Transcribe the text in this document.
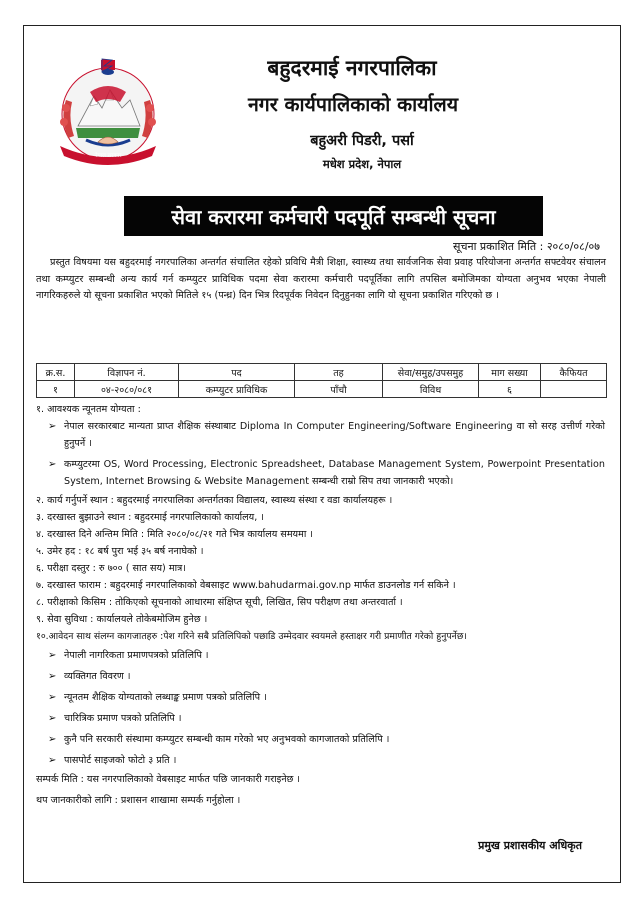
नेपाल सरकार
बहुदरमाई नगरपालिका
नगर कार्यपालिकाको कार्यालय
बहुअरी पिडरी, पर्सा
मधेश प्रदेश, नेपाल
सेवा करारमा कर्मचारी पदपूर्ति सम्बन्धी सूचना
सूचना प्रकाशित मिति : २०८०/०८/०७
प्रस्तुत विषयमा यस बहुदरमाई नगरपालिका अन्तर्गत संचालित रहेको प्रविधि मैत्री शिक्षा, स्वास्थ्य तथा सार्वजनिक सेवा प्रवाह परियोजना अन्तर्गत सफ्टवेयर संचालन तथा कम्प्युटर सम्बन्धी अन्य कार्य गर्न कम्प्युटर प्राविधिक पदमा सेवा करारमा कर्मचारी पदपूर्तिका लागि तपसिल बमोजिमका योग्यता अनुभव भएका नेपाली नागरिकहरुले यो सूचना प्रकाशित भएको मितिले १५ (पन्ध्र) दिन भित्र रिदपूर्वक निवेदन दिनुहुनका लागि यो सूचना प्रकाशित गरिएको छ ।
क्र.स.	विज्ञापन नं.	पद	तह	सेवा/समुह/उपसमुह	माग सख्या	कैफियत
१	०४-२०८०/०८१	कम्प्युटर प्राविधिक	पाँचौ	विविध	६	
१. आवश्यक न्यूनतम योग्यता :
➢ नेपाल सरकारबाट मान्यता प्राप्त शैक्षिक संस्थाबाट Diploma In Computer Engineering/Software Engineering वा सो सरह उत्तीर्ण गरेको हुनुपर्ने ।
➢ कम्प्युटरमा OS, Word Processing, Electronic Spreadsheet, Database Management System, Powerpoint Presentation System, Internet Browsing & Website Management सम्बन्धी राम्रो सिप तथा जानकारी भएको।
२. कार्य गर्नुपर्ने स्थान : बहुदरमाई नगरपालिका अन्तर्गतका विद्यालय, स्वास्थ्य संस्था र वडा कार्यालयहरू ।
३. दरखास्त बुझाउने स्थान : बहुदरमाई नगरपालिकाको कार्यालय, ।
४. दरखास्त दिने अन्तिम मिति : मिति २०८०/०८/२१ गते भित्र कार्यालय समयमा ।
५. उमेर हद : १८ बर्ष पुरा भई ३५ बर्ष ननाघेको ।
६. परीक्षा दस्तुर : रु ७०० ( सात सय) मात्र।
७. दरखास्त फाराम : बहुदरमाई नगरपालिकाको वेबसाइट www.bahudarmai.gov.np मार्फत डाउनलोड गर्न सकिने ।
८. परीक्षाको किसिम : तोकिएको सूचनाको आधारमा संक्षिप्त सूची, लिखित, सिप परीक्षण तथा अन्तरवार्ता ।
९. सेवा सुविधा : कार्यालयले तोकेबमोजिम हुनेछ ।
१०.आवेदन साथ संलग्न कागजातहरु :पेश गरिने सबै प्रतिलिपिको पछाडि उम्मेदवार स्वयमले हस्ताक्षर गरी प्रमाणीत गरेको हुनुपर्नेछ।
➢ नेपाली नागरिकता प्रमाणपत्रको प्रतिलिपि ।
➢ व्यक्तिगत विवरण ।
➢ न्यूनतम शैक्षिक योग्यताको लब्धाङ्क प्रमाण पत्रको प्रतिलिपि ।
➢ चारित्रिक प्रमाण पत्रको प्रतिलिपि ।
➢ कुनै पनि सरकारी संस्थामा कम्प्युटर सम्बन्धी काम गरेको भए अनुभवको कागजातको प्रतिलिपि ।
➢ पासपोर्ट साइजको फोटो ३ प्रति ।
सम्पर्क मिति : यस नगरपालिकाको वेबसाइट मार्फत पछि जानकारी गराइनेछ ।
थप जानकारीको लागि : प्रशासन शाखामा सम्पर्क गर्नुहोला ।
प्रमुख प्रशासकीय अधिकृत
